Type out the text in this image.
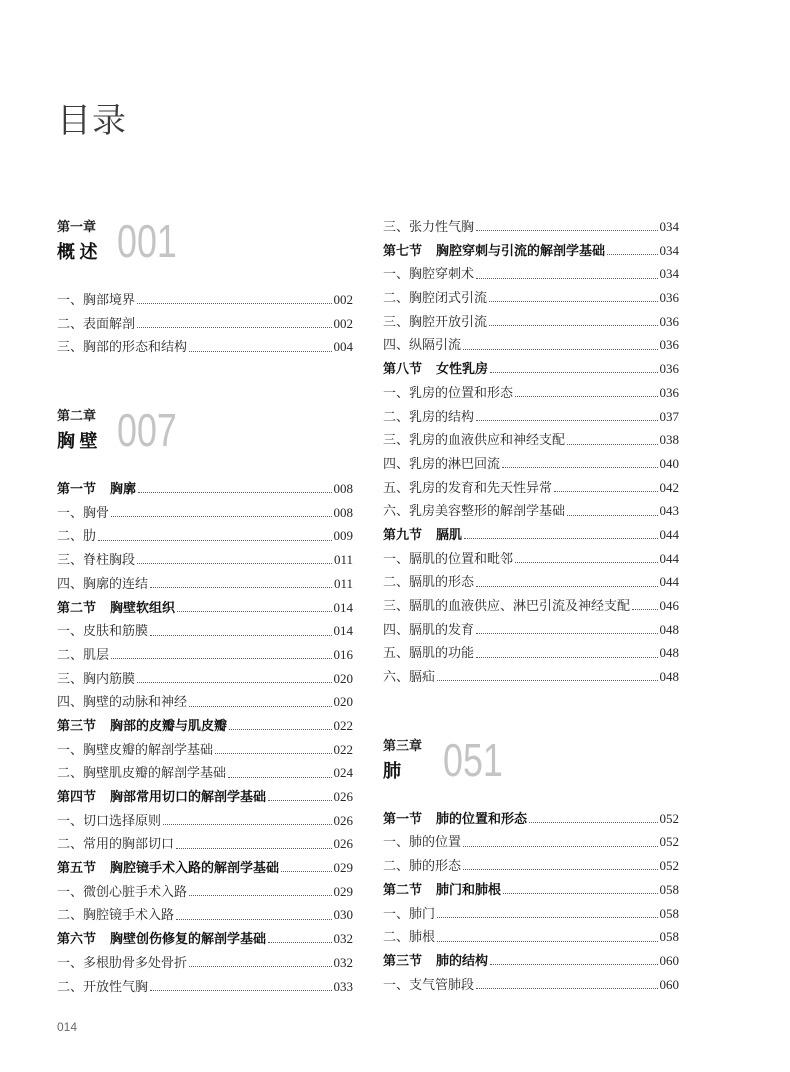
目录
第一章 001
概 述
一、胸部境界	002
二、表面解剖	002
三、胸部的形态和结构	004
第二章 007
胸 壁
第一节 胸廓	008
一、胸骨	008
二、肋	009
三、脊柱胸段	011
四、胸廓的连结	011
第二节 胸壁软组织	014
一、皮肤和筋膜	014
二、肌层	016
三、胸内筋膜	020
四、胸壁的动脉和神经	020
第三节 胸部的皮瓣与肌皮瓣	022
一、胸壁皮瓣的解剖学基础	022
二、胸壁肌皮瓣的解剖学基础	024
第四节 胸部常用切口的解剖学基础	026
一、切口选择原则	026
二、常用的胸部切口	026
第五节 胸腔镜手术入路的解剖学基础	029
一、微创心脏手术入路	029
二、胸腔镜手术入路	030
第六节 胸壁创伤修复的解剖学基础	032
一、多根肋骨多处骨折	032
二、开放性气胸	033
三、张力性气胸	034
第七节 胸腔穿刺与引流的解剖学基础	034
一、胸腔穿刺术	034
二、胸腔闭式引流	036
三、胸腔开放引流	036
四、纵隔引流	036
第八节 女性乳房	036
一、乳房的位置和形态	036
二、乳房的结构	037
三、乳房的血液供应和神经支配	038
四、乳房的淋巴回流	040
五、乳房的发育和先天性异常	042
六、乳房美容整形的解剖学基础	043
第九节 膈肌	044
一、膈肌的位置和毗邻	044
二、膈肌的形态	044
三、膈肌的血液供应、淋巴引流及神经支配 046
四、膈肌的发育	048
五、膈肌的功能	048
六、膈疝	048
第三章 051
肺
第一节 肺的位置和形态	052
一、肺的位置	052
二、肺的形态	052
第二节 肺门和肺根	058
一、肺门	058
二、肺根	058
第三节 肺的结构	060
一、支气管肺段	060
014
